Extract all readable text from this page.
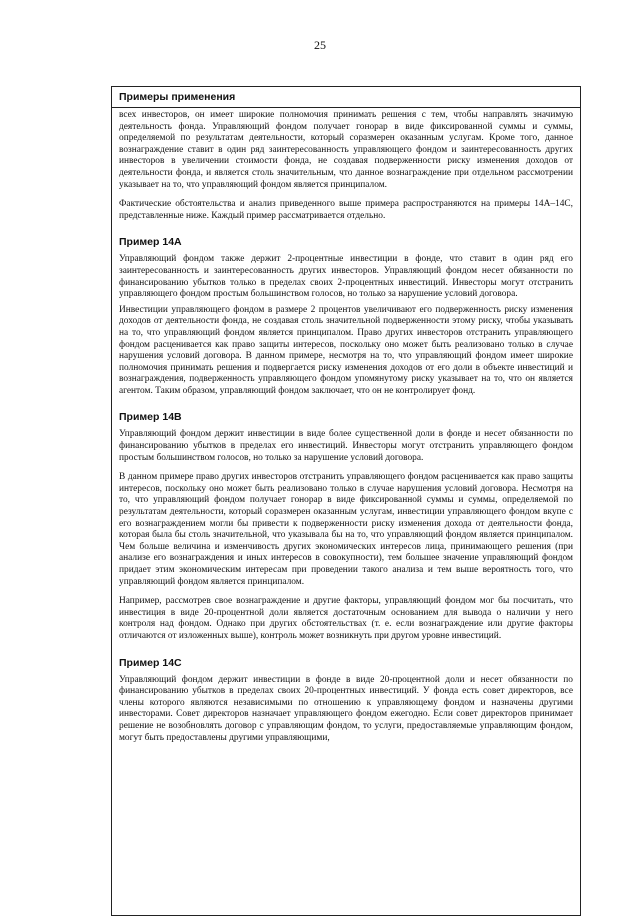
25
Примеры применения

всех инвесторов, он имеет широкие полномочия принимать решения с тем, чтобы направлять значимую деятельность фонда. Управляющий фондом получает гонорар в виде фиксированной суммы и суммы, определяемой по результатам деятельности, который соразмерен оказанным услугам. Кроме того, данное вознаграждение ставит в один ряд заинтересованность управляющего фондом и заинтересованность других инвесторов в увеличении стоимости фонда, не создавая подверженности риску изменения доходов от деятельности фонда, и является столь значительным, что данное вознаграждение при отдельном рассмотрении указывает на то, что управляющий фондом является принципалом.

Фактические обстоятельства и анализ приведенного выше примера распространяются на примеры 14А–14С, представленные ниже. Каждый пример рассматривается отдельно.

Пример 14А

Управляющий фондом также держит 2-процентные инвестиции в фонде, что ставит в один ряд его заинтересованность и заинтересованность других инвесторов. Управляющий фондом несет обязанности по финансированию убытков только в пределах своих 2-процентных инвестиций. Инвесторы могут отстранить управляющего фондом простым большинством голосов, но только за нарушение условий договора.

Инвестиции управляющего фондом в размере 2 процентов увеличивают его подверженность риску изменения доходов от деятельности фонда, не создавая столь значительной подверженности этому риску, чтобы указывать на то, что управляющий фондом является принципалом. Право других инвесторов отстранить управляющего фондом расценивается как право защиты интересов, поскольку оно может быть реализовано только в случае нарушения условий договора. В данном примере, несмотря на то, что управляющий фондом имеет широкие полномочия принимать решения и подвергается риску изменения доходов от его доли в объекте инвестиций и вознаграждения, подверженность управляющего фондом упомянутому риску указывает на то, что он является агентом. Таким образом, управляющий фондом заключает, что он не контролирует фонд.

Пример 14В

Управляющий фондом держит инвестиции в виде более существенной доли в фонде и несет обязанности по финансированию убытков в пределах его инвестиций. Инвесторы могут отстранить управляющего фондом простым большинством голосов, но только за нарушение условий договора.

В данном примере право других инвесторов отстранить управляющего фондом расценивается как право защиты интересов, поскольку оно может быть реализовано только в случае нарушения условий договора. Несмотря на то, что управляющий фондом получает гонорар в виде фиксированной суммы и суммы, определяемой по результатам деятельности, который соразмерен оказанным услугам, инвестиции управляющего фондом вкупе с его вознаграждением могли бы привести к подверженности риску изменения дохода от деятельности фонда, которая была бы столь значительной, что указывала бы на то, что управляющий фондом является принципалом. Чем больше величина и изменчивость других экономических интересов лица, принимающего решения (при анализе его вознаграждения и иных интересов в совокупности), тем большее значение управляющий фондом придает этим экономическим интересам при проведении такого анализа и тем выше вероятность того, что управляющий фондом является принципалом.

Например, рассмотрев свое вознаграждение и другие факторы, управляющий фондом мог бы посчитать, что инвестиция в виде 20-процентной доли является достаточным основанием для вывода о наличии у него контроля над фондом. Однако при других обстоятельствах (т. е. если вознаграждение или другие факторы отличаются от изложенных выше), контроль может возникнуть при другом уровне инвестиций.

Пример 14С

Управляющий фондом держит инвестиции в фонде в виде 20-процентной доли и несет обязанности по финансированию убытков в пределах своих 20-процентных инвестиций. У фонда есть совет директоров, все члены которого являются независимыми по отношению к управляющему фондом и назначены другими инвесторами. Совет директоров назначает управляющего фондом ежегодно. Если совет директоров принимает решение не возобновлять договор с управляющим фондом, то услуги, предоставляемые управляющим фондом, могут быть предоставлены другими управляющими,
